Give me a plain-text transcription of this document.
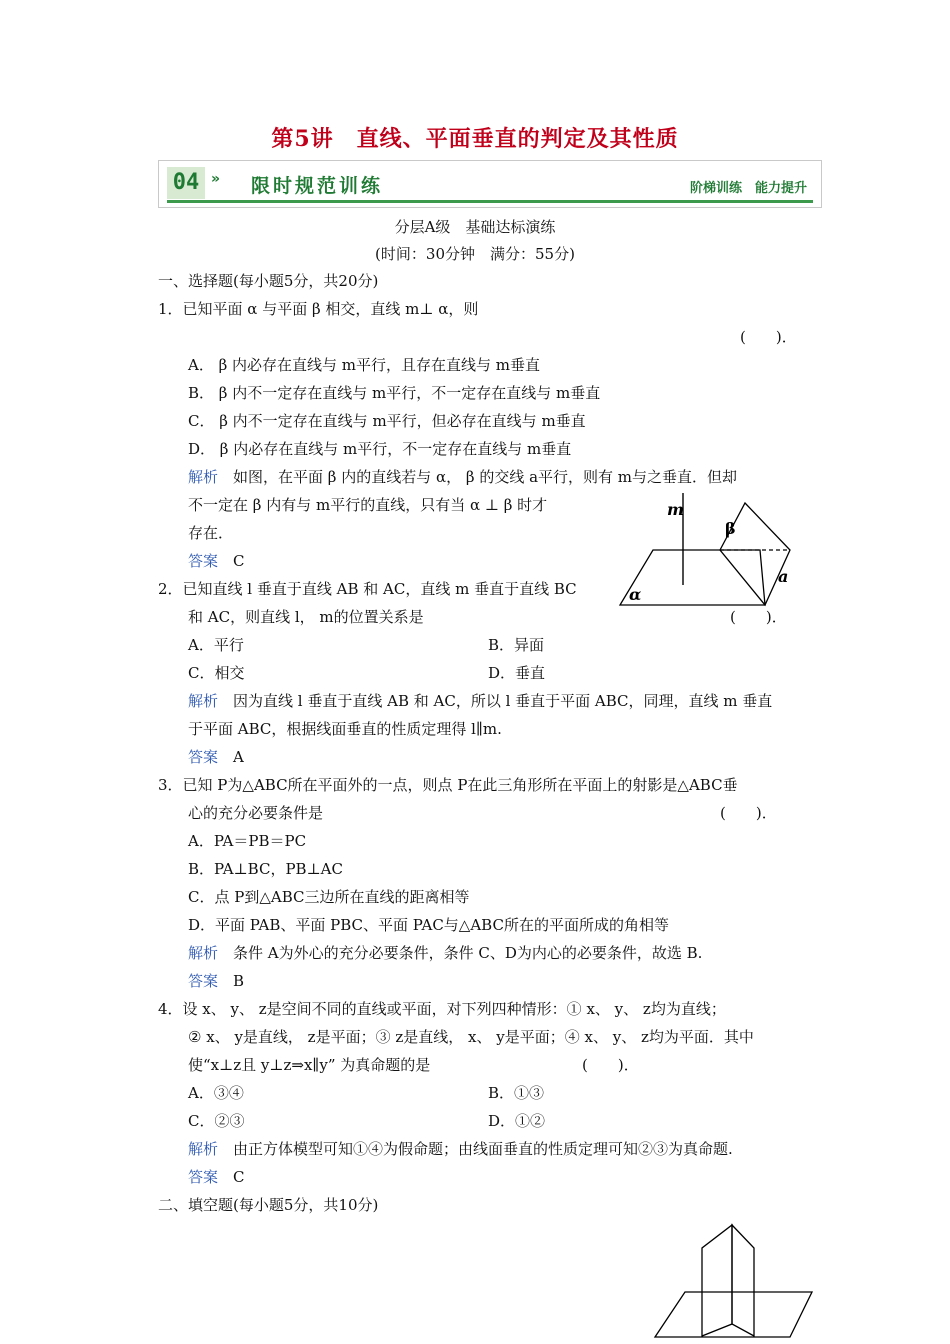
第5讲　直线、平面垂直的判定及其性质
04 » 限时规范训练	阶梯训练　能力提升
分层A级　基础达标演练
(时间：30分钟　满分：55分)
一、选择题(每小题5分，共20分)
1．已知平面 α 与平面 β 相交，直线 m⊥ α，则
(　　)．
A． β 内必存在直线与 m平行，且存在直线与 m垂直
B． β 内不一定存在直线与 m平行，不一定存在直线与 m垂直
C． β 内不一定存在直线与 m平行，但必存在直线与 m垂直
D． β 内必存在直线与 m平行，不一定存在直线与 m垂直
解析　如图，在平面 β 内的直线若与 α， β 的交线 a平行，则有 m与之垂直．但却
不一定在 β 内有与 m平行的直线，只有当 α ⊥ β 时才
存在．
答案　C
m
β
a
α
2．已知直线 l 垂直于直线 AB 和 AC，直线 m 垂直于直线 BC
和 AC，则直线 l， m的位置关系是	(　　)．
A．平行	B．异面
C．相交	D．垂直
解析　因为直线 l 垂直于直线 AB 和 AC，所以 l 垂直于平面 ABC，同理，直线 m 垂直
于平面 ABC，根据线面垂直的性质定理得 l∥m.
答案　A
3．已知 P为△ABC所在平面外的一点，则点 P在此三角形所在平面上的射影是△ABC垂
心的充分必要条件是	(　　)．
A．PA＝PB＝PC
B．PA⊥BC，PB⊥AC
C．点 P到△ABC三边所在直线的距离相等
D．平面 PAB、平面 PBC、平面 PAC与△ABC所在的平面所成的角相等
解析　条件 A为外心的充分必要条件，条件 C、D为内心的必要条件，故选 B.
答案　B
4．设 x、 y、 z是空间不同的直线或平面，对下列四种情形：① x、 y、 z均为直线；
② x、 y是直线， z是平面；③ z是直线， x、 y是平面；④ x、 y、 z均为平面．其中
使“x⊥z且 y⊥z⇒x∥y” 为真命题的是	(　　)．
A．③④	B．①③
C．②③	D．①②
解析　由正方体模型可知①④为假命题；由线面垂直的性质定理可知②③为真命题.
答案　C
二、填空题(每小题5分，共10分)
